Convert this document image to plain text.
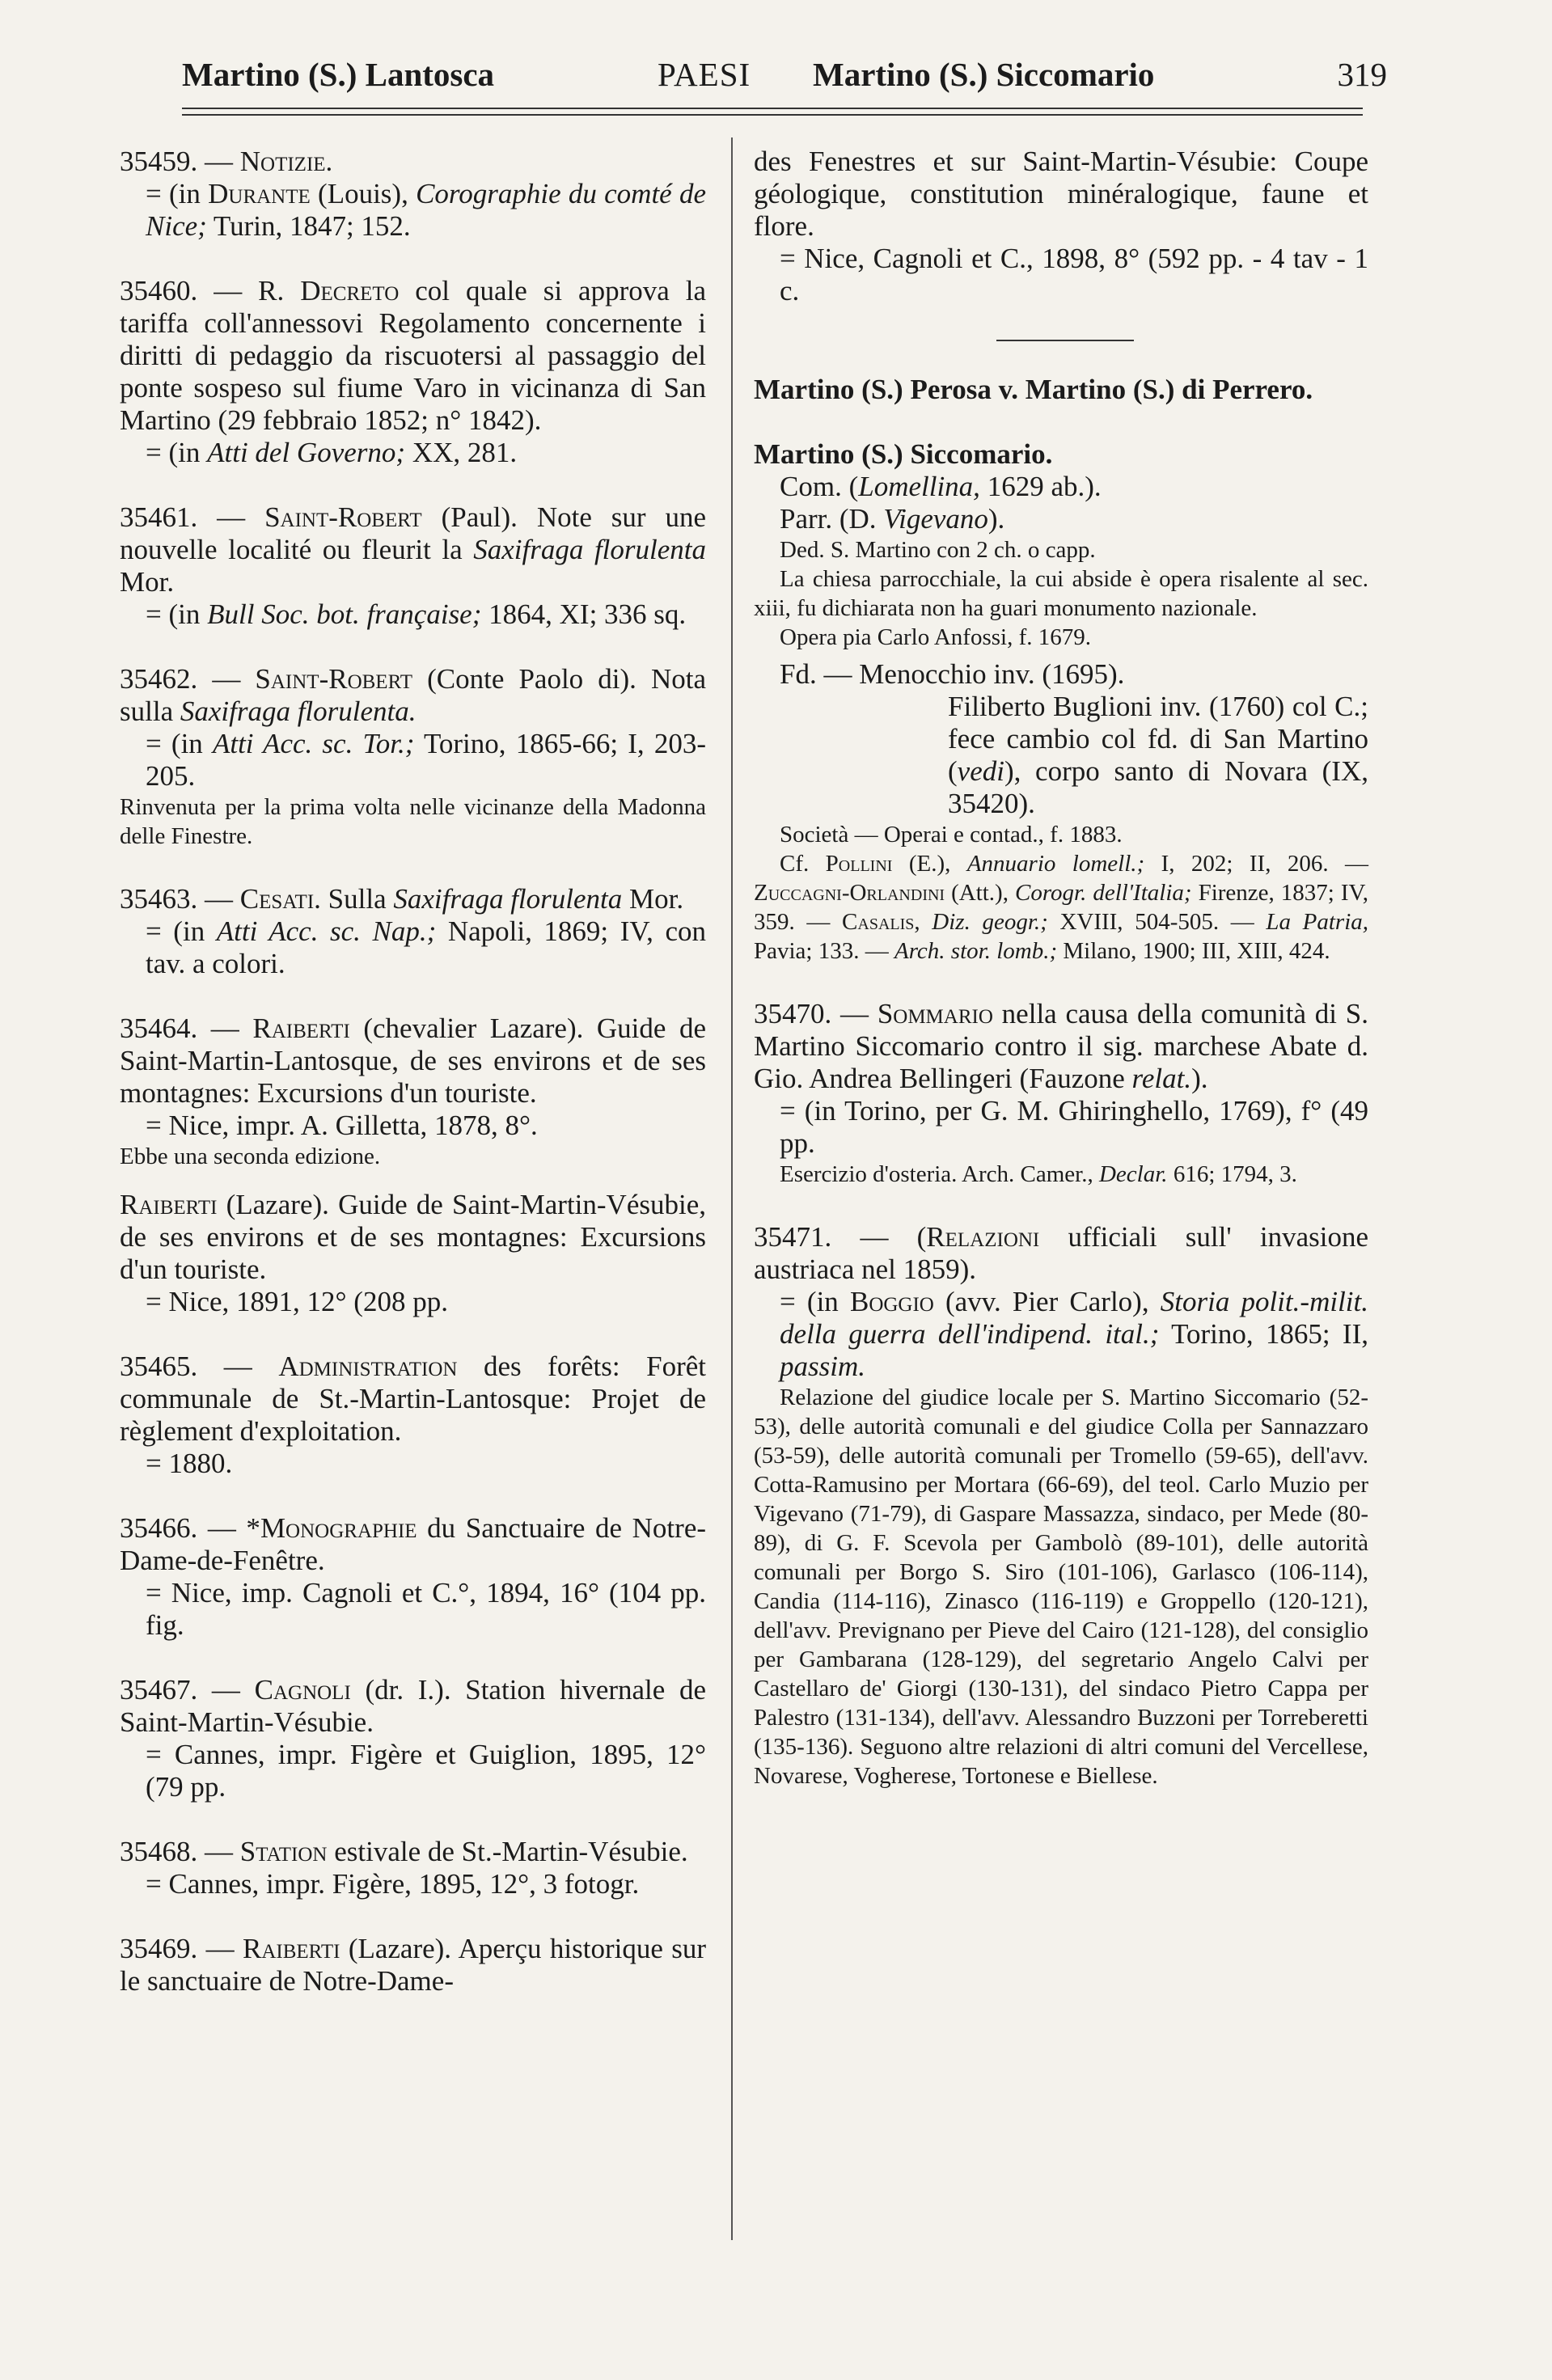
Martino (S.) Lantosca	PAESI Martino (S.) Siccomario	319

35459. — Notizie.

= (in Durante (Louis), Corographie du comté de Nice; Turin, 1847; 152.

35460. — R. Decreto col quale si approva la tariffa coll'annessovi Regolamento concernente i diritti di pedaggio da riscuotersi al passaggio del ponte sospeso sul fiume Varo in vicinanza di San Martino (29 febbraio 1852; n° 1842).

= (in Atti del Governo; XX, 281.

35461. — Saint-Robert (Paul). Note sur une nouvelle localité ou fleurit la Saxifraga florulenta Mor.

= (in Bull Soc. bot. française; 1864, XI; 336 sq.

35462. — Saint-Robert (Conte Paolo di). Nota sulla Saxifraga florulenta.

= (in Atti Acc. sc. Tor.; Torino, 1865-66; I, 203-205.

Rinvenuta per la prima volta nelle vicinanze della Madonna delle Finestre.

35463. — Cesati. Sulla Saxifraga florulenta Mor.

= (in Atti Acc. sc. Nap.; Napoli, 1869; IV, con tav. a colori.

35464. — Raiberti (chevalier Lazare). Guide de Saint-Martin-Lantosque, de ses environs et de ses montagnes: Excursions d'un touriste.

= Nice, impr. A. Gilletta, 1878, 8°.

Ebbe una seconda edizione.

Raiberti (Lazare). Guide de Saint-Martin-Vésubie, de ses environs et de ses montagnes: Excursions d'un touriste.

= Nice, 1891, 12° (208 pp.

35465. — Administration des forêts: Forêt communale de St.-Martin-Lantosque: Projet de règlement d'exploitation.

= 1880.

35466. — *Monographie du Sanctuaire de Notre-Dame-de-Fenêtre.

= Nice, imp. Cagnoli et C.°, 1894, 16° (104 pp. fig.

35467. — Cagnoli (dr. I.). Station hivernale de Saint-Martin-Vésubie.

= Cannes, impr. Figère et Guiglion, 1895, 12° (79 pp.

35468. — Station estivale de St.-Martin-Vésubie.

= Cannes, impr. Figère, 1895, 12°, 3 fotogr.

35469. — Raiberti (Lazare). Aperçu historique sur le sanctuaire de Notre-Dame-

des Fenestres et sur Saint-Martin-Vésubie: Coupe géologique, constitution minéralogique, faune et flore.

= Nice, Cagnoli et C., 1898, 8° (592 pp. - 4 tav - 1 c.

Martino (S.) Perosa v. Martino (S.) di Perrero.

Martino (S.) Siccomario.

Com. (Lomellina, 1629 ab.).

Parr. (D. Vigevano).

Ded. S. Martino con 2 ch. o capp.

La chiesa parrocchiale, la cui abside è opera risalente al sec. xiii, fu dichiarata non ha guari monumento nazionale.

Opera pia Carlo Anfossi, f. 1679.

Fd. — Menocchio inv. (1695).

Filiberto Buglioni inv. (1760) col C.; fece cambio col fd. di San Martino (vedi), corpo santo di Novara (IX, 35420).

Società — Operai e contad., f. 1883.

Cf. Pollini (E.), Annuario lomell.; I, 202; II, 206. — Zuccagni-Orlandini (Att.), Corogr. dell'Italia; Firenze, 1837; IV, 359. — Casalis, Diz. geogr.; XVIII, 504-505. — La Patria, Pavia; 133. — Arch. stor. lomb.; Milano, 1900; III, XIII, 424.

35470. — Sommario nella causa della comunità di S. Martino Siccomario contro il sig. marchese Abate d. Gio. Andrea Bellingeri (Fauzone relat.).

= (in Torino, per G. M. Ghiringhello, 1769), f° (49 pp.

Esercizio d'osteria. Arch. Camer., Declar. 616; 1794, 3.

35471. — (Relazioni ufficiali sull' invasione austriaca nel 1859).

= (in Boggio (avv. Pier Carlo), Storia polit.-milit. della guerra dell'indipend. ital.; Torino, 1865; II, passim.

Relazione del giudice locale per S. Martino Siccomario (52-53), delle autorità comunali e del giudice Colla per Sannazzaro (53-59), delle autorità comunali per Tromello (59-65), dell'avv. Cotta-Ramusino per Mortara (66-69), del teol. Carlo Muzio per Vigevano (71-79), di Gaspare Massazza, sindaco, per Mede (80-89), di G. F. Scevola per Gambolò (89-101), delle autorità comunali per Borgo S. Siro (101-106), Garlasco (106-114), Candia (114-116), Zinasco (116-119) e Groppello (120-121), dell'avv. Prevignano per Pieve del Cairo (121-128), del consiglio per Gambarana (128-129), del segretario Angelo Calvi per Castellaro de' Giorgi (130-131), del sindaco Pietro Cappa per Palestro (131-134), dell'avv. Alessandro Buzzoni per Torreberetti (135-136). Seguono altre relazioni di altri comuni del Vercellese, Novarese, Vogherese, Tortonese e Biellese.
